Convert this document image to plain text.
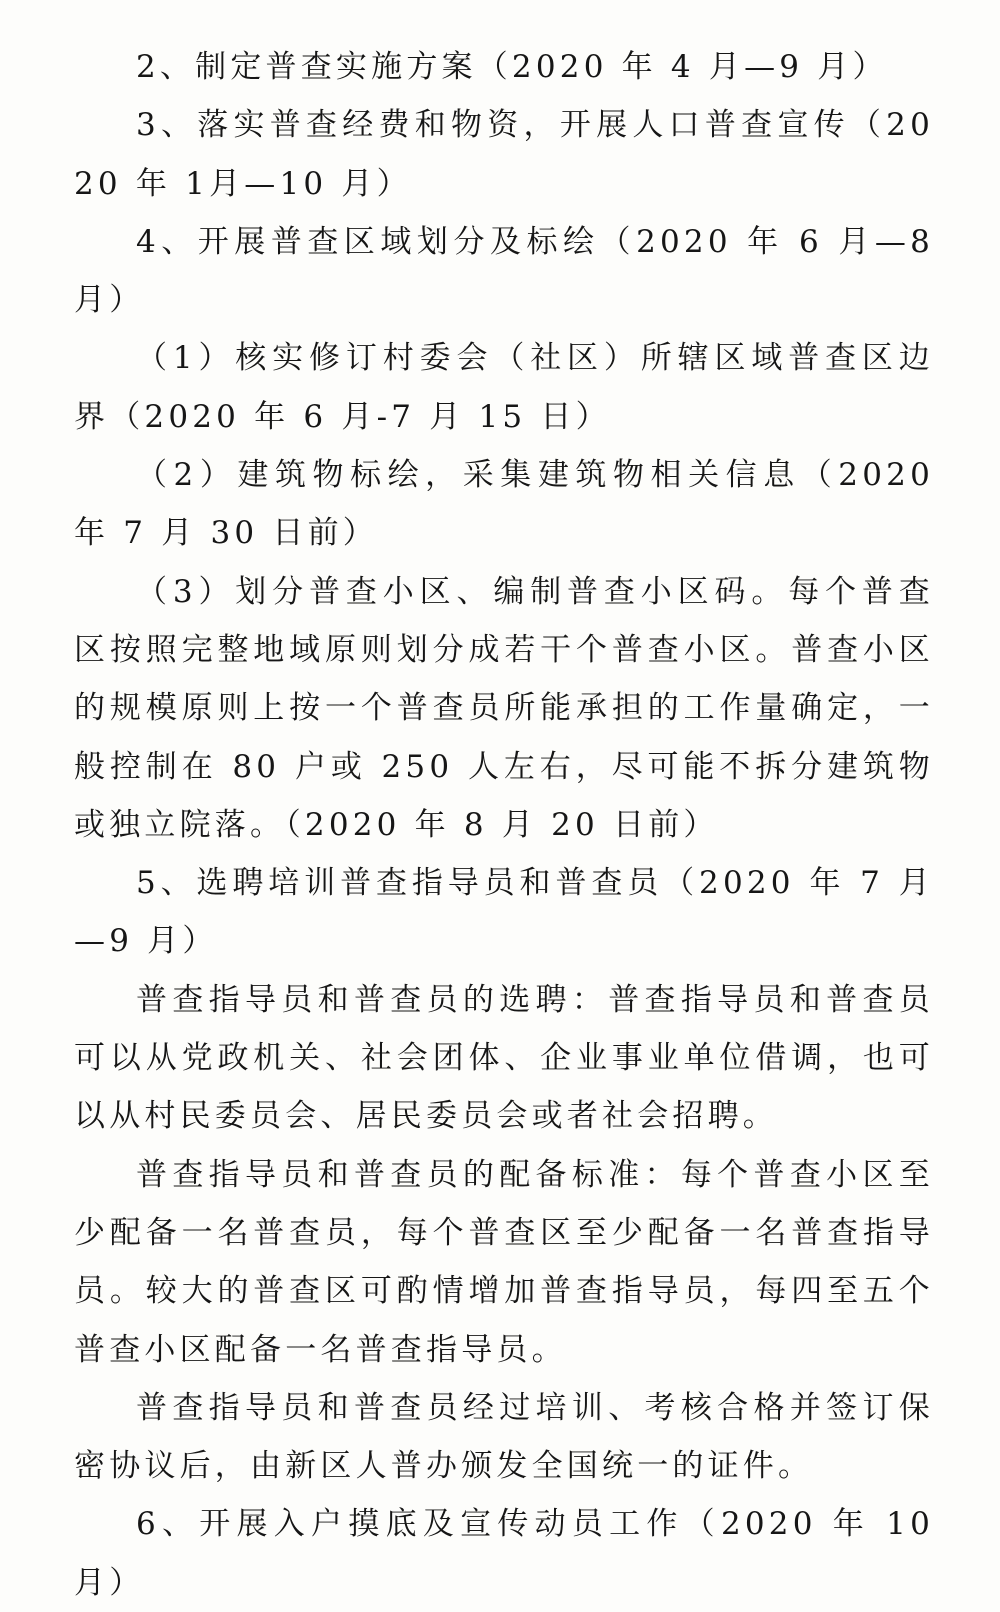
2、制定普查实施方案（2020 年 4 月—9 月）

3、落实普查经费和物资，开展人口普查宣传（2020 年 1月—10 月）

4、开展普查区域划分及标绘（2020 年 6 月—8 月）

（1）核实修订村委会（社区）所辖区域普查区边界（2020 年 6 月-7 月 15 日）

（2）建筑物标绘，采集建筑物相关信息（2020 年 7 月 30 日前）

（3）划分普查小区、编制普查小区码。每个普查区按照完整地域原则划分成若干个普查小区。普查小区的规模原则上按一个普查员所能承担的工作量确定，一般控制在 80 户或 250 人左右，尽可能不拆分建筑物或独立院落。（2020 年 8 月 20 日前）

5、选聘培训普查指导员和普查员（2020 年 7 月—9 月）

普查指导员和普查员的选聘：普查指导员和普查员可以从党政机关、社会团体、企业事业单位借调，也可以从村民委员会、居民委员会或者社会招聘。

普查指导员和普查员的配备标准：每个普查小区至少配备一名普查员，每个普查区至少配备一名普查指导员。较大的普查区可酌情增加普查指导员，每四至五个普查小区配备一名普查指导员。

普查指导员和普查员经过培训、考核合格并签订保密协议后，由新区人普办颁发全国统一的证件。

6、开展入户摸底及宣传动员工作（2020 年 10 月）
